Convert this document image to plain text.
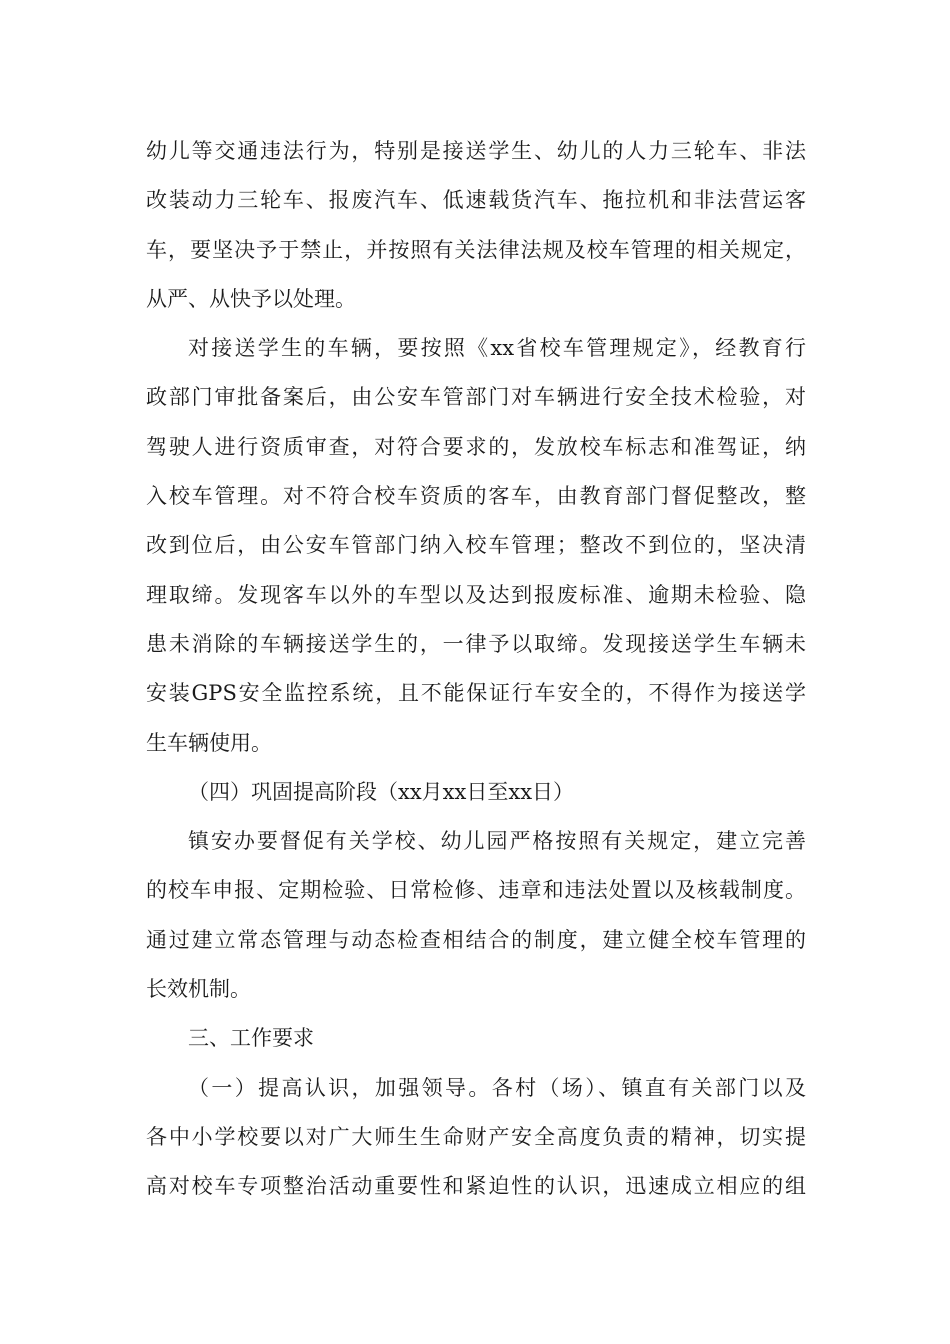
幼儿等交通违法行为，特别是接送学生、幼儿的人力三轮车、非法
改装动力三轮车、报废汽车、低速载货汽车、拖拉机和非法营运客
车，要坚决予于禁止，并按照有关法律法规及校车管理的相关规定，
从严、从快予以处理。
对接送学生的车辆，要按照《xx省校车管理规定》，经教育行
政部门审批备案后，由公安车管部门对车辆进行安全技术检验，对
驾驶人进行资质审查，对符合要求的，发放校车标志和准驾证，纳
入校车管理。对不符合校车资质的客车，由教育部门督促整改，整
改到位后，由公安车管部门纳入校车管理；整改不到位的，坚决清
理取缔。发现客车以外的车型以及达到报废标准、逾期未检验、隐
患未消除的车辆接送学生的，一律予以取缔。发现接送学生车辆未
安装GPS安全监控系统，且不能保证行车安全的，不得作为接送学
生车辆使用。
（四）巩固提高阶段（xx月xx日至xx日）
镇安办要督促有关学校、幼儿园严格按照有关规定，建立完善
的校车申报、定期检验、日常检修、违章和违法处置以及核载制度。
通过建立常态管理与动态检查相结合的制度，建立健全校车管理的
长效机制。
三、工作要求
（一）提高认识，加强领导。各村（场）、镇直有关部门以及
各中小学校要以对广大师生生命财产安全高度负责的精神，切实提
高对校车专项整治活动重要性和紧迫性的认识，迅速成立相应的组
